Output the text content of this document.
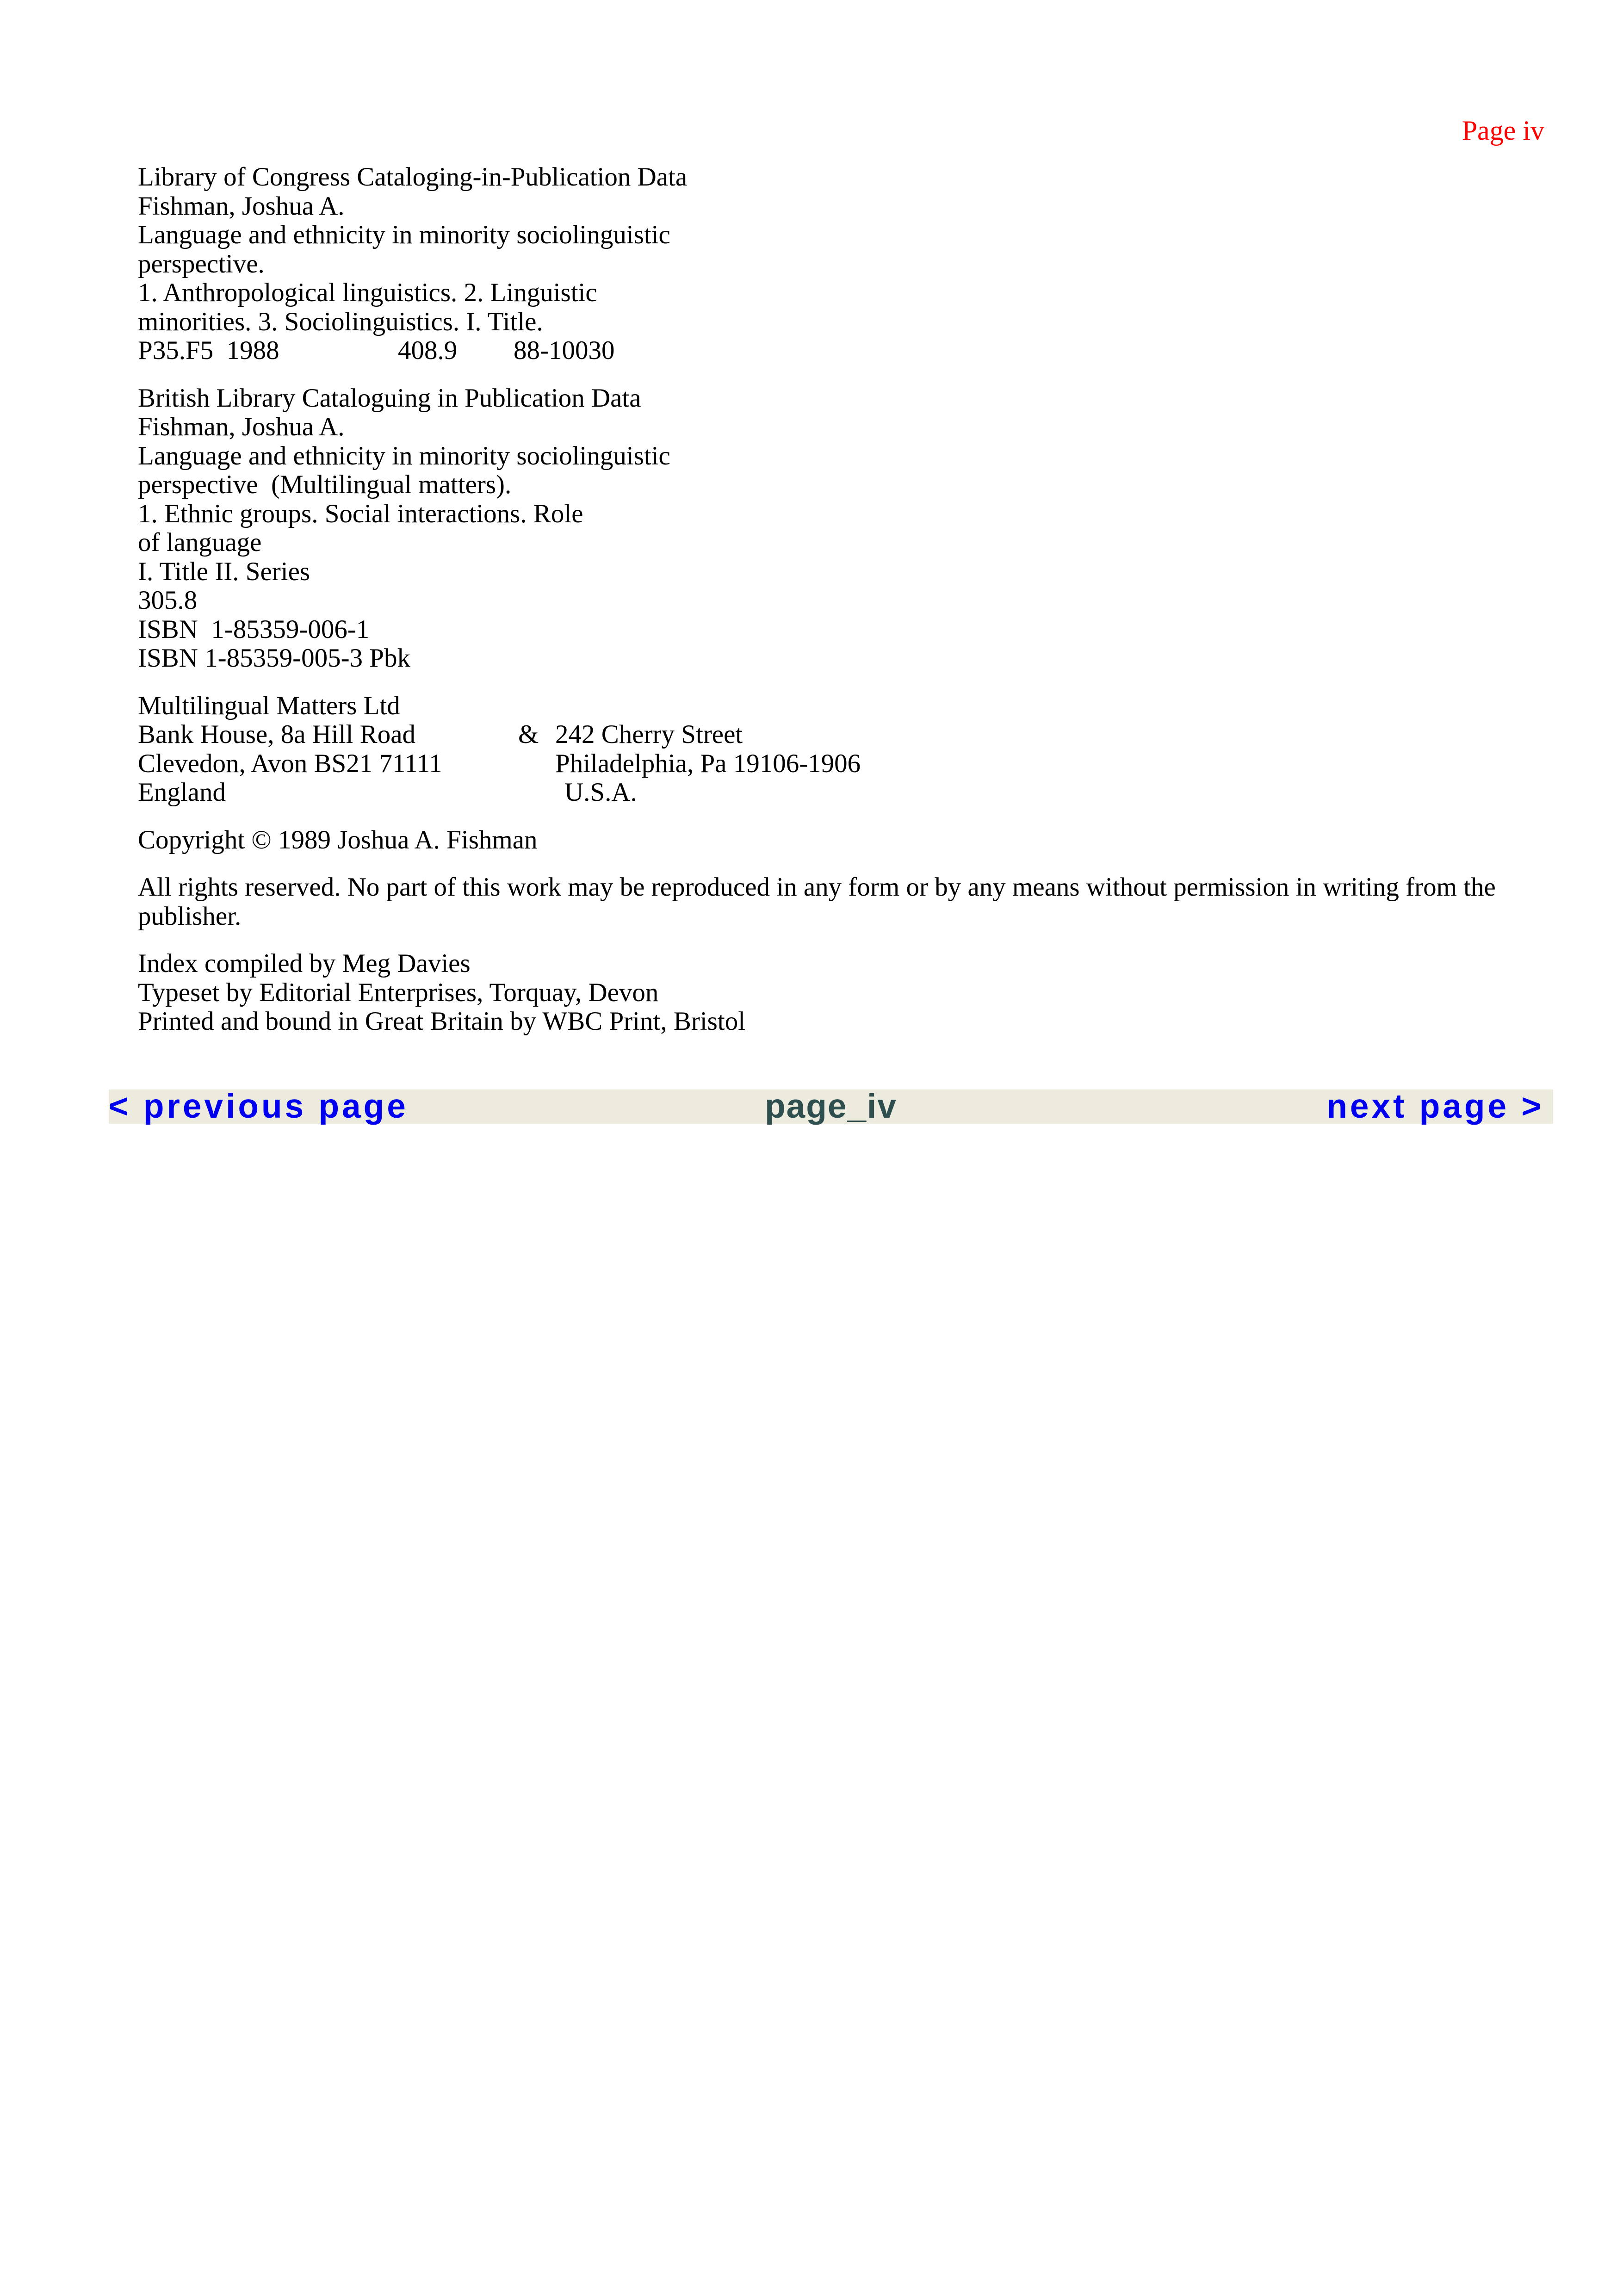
Page iv
Library of Congress Cataloging-in-Publication Data
Fishman, Joshua A.
Language and ethnicity in minority sociolinguistic
perspective.
1. Anthropological linguistics. 2. Linguistic
minorities. 3. Sociolinguistics. I. Title.
P35.F5  1988	408.9	88-10030
British Library Cataloguing in Publication Data
Fishman, Joshua A.
Language and ethnicity in minority sociolinguistic
perspective  (Multilingual matters).
1. Ethnic groups. Social interactions. Role
of language
I. Title II. Series
305.8
ISBN  1-85359-006-1
ISBN 1-85359-005-3 Pbk
Multilingual Matters Ltd
Bank House, 8a Hill Road	& 242 Cherry Street
Clevedon, Avon BS21 71111	Philadelphia, Pa 19106-1906
England	U.S.A.
Copyright © 1989 Joshua A. Fishman
All rights reserved. No part of this work may be reproduced in any form or by any means without permission in writing from the publisher.
Index compiled by Meg Davies
Typeset by Editorial Enterprises, Torquay, Devon
Printed and bound in Great Britain by WBC Print, Bristol
< previous page	page_iv	next page >
